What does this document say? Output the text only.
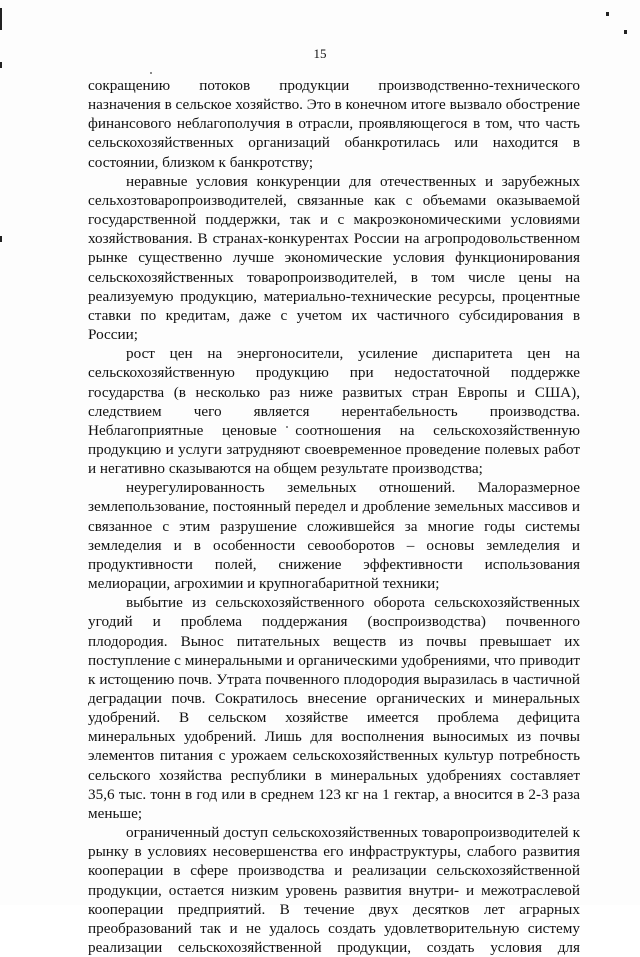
15

сокращению потоков продукции производственно-технического назначения в сельское хозяйство. Это в конечном итоге вызвало обострение финансового неблагополучия в отрасли, проявляющегося в том, что часть сельскохозяйственных организаций обанкротилась или находится в состоянии, близком к банкротству;

неравные условия конкуренции для отечественных и зарубежных сельхозтоваропроизводителей, связанные как с объемами оказываемой государственной поддержки, так и с макроэкономическими условиями хозяйствования. В странах-конкурентах России на агропродовольственном рынке существенно лучше экономические условия функционирования сельскохозяйственных товаропроизводителей, в том числе цены на реализуемую продукцию, материально-технические ресурсы, процентные ставки по кредитам, даже с учетом их частичного субсидирования в России;

рост цен на энергоносители, усиление диспаритета цен на сельскохозяйственную продукцию при недостаточной поддержке государства (в несколько раз ниже развитых стран Европы и США), следствием чего является нерентабельность производства. Неблагоприятные ценовые соотношения на сельскохозяйственную продукцию и услуги затрудняют своевременное проведение полевых работ и негативно сказываются на общем результате производства;

неурегулированность земельных отношений. Малоразмерное землепользование, постоянный передел и дробление земельных массивов и связанное с этим разрушение сложившейся за многие годы системы земледелия и в особенности севооборотов – основы земледелия и продуктивности полей, снижение эффективности использования мелиорации, агрохимии и крупногабаритной техники;

выбытие из сельскохозяйственного оборота сельскохозяйственных угодий и проблема поддержания (воспроизводства) почвенного плодородия. Вынос питательных веществ из почвы превышает их поступление с минеральными и органическими удобрениями, что приводит к истощению почв. Утрата почвенного плодородия выразилась в частичной деградации почв. Сократилось внесение органических и минеральных удобрений. В сельском хозяйстве имеется проблема дефицита минеральных удобрений. Лишь для восполнения выносимых из почвы элементов питания с урожаем сельскохозяйственных культур потребность сельского хозяйства республики в минеральных удобрениях составляет 35,6 тыс. тонн в год или в среднем 123 кг на 1 гектар, а вносится в 2-3 раза меньше;

ограниченный доступ сельскохозяйственных товаропроизводителей к рынку в условиях несовершенства его инфраструктуры, слабого развития кооперации в сфере производства и реализации сельскохозяйственной продукции, остается низким уровень развития внутри- и межотраслевой кооперации предприятий. В течение двух десятков лет аграрных преобразований так и не удалось создать удовлетворительную систему реализации сельскохозяйственной продукции, создать условия для
